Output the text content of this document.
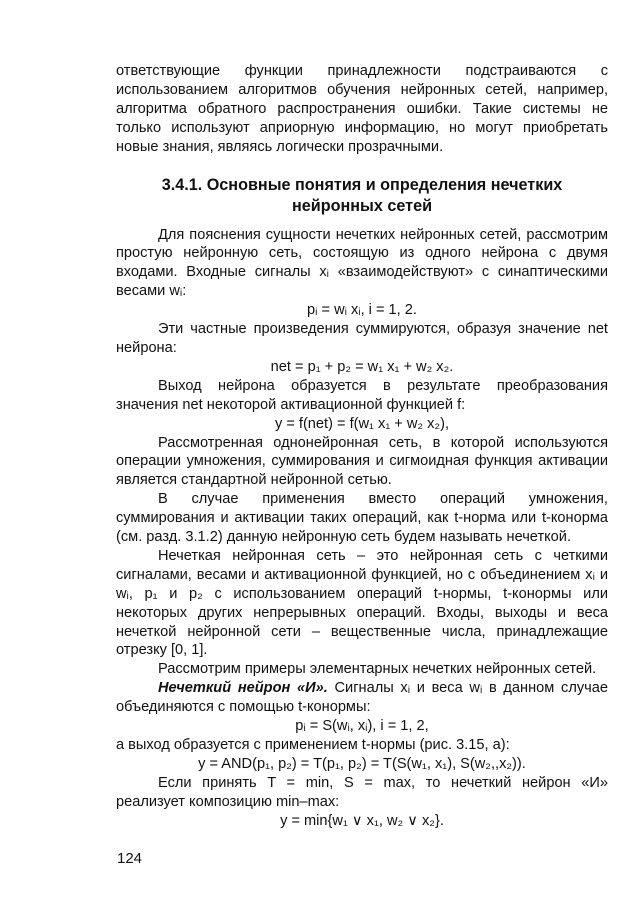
ответствующие функции принадлежности подстраиваются с использованием алгоритмов обучения нейронных сетей, например, алгоритма обратного распространения ошибки. Такие системы не только используют априорную информацию, но могут приобретать новые знания, являясь логически прозрачными.

3.4.1. Основные понятия и определения нечетких нейронных сетей

Для пояснения сущности нечетких нейронных сетей, рассмотрим простую нейронную сеть, состоящую из одного нейрона с двумя входами. Входные сигналы xᵢ «взаимодействуют» с синаптическими весами wᵢ:

pᵢ = wᵢ xᵢ, i = 1, 2.

Эти частные произведения суммируются, образуя значение net нейрона:

net = p₁ + p₂ = w₁ x₁ + w₂ x₂.

Выход нейрона образуется в результате преобразования значения net некоторой активационной функцией f:

y = f(net) = f(w₁ x₁ + w₂ x₂),

Рассмотренная однонейронная сеть, в которой используются операции умножения, суммирования и сигмоидная функция активации является стандартной нейронной сетью.

В случае применения вместо операций умножения, суммирования и активации таких операций, как t-норма или t-конорма (см. разд. 3.1.2) данную нейронную сеть будем называть нечеткой.

Нечеткая нейронная сеть – это нейронная сеть с четкими сигналами, весами и активационной функцией, но с объединением xᵢ и wᵢ, p₁ и p₂ с использованием операций t-нормы, t-конормы или некоторых других непрерывных операций. Входы, выходы и веса нечеткой нейронной сети – вещественные числа, принадлежащие отрезку [0, 1].

Рассмотрим примеры элементарных нечетких нейронных сетей.

Нечеткий нейрон «И». Сигналы xᵢ и веса wᵢ в данном случае объединяются с помощью t-конормы:

pᵢ = S(wᵢ, xᵢ), i = 1, 2,

а выход образуется с применением t-нормы (рис. 3.15, а):

y = AND(p₁, p₂) = T(p₁, p₂) = T(S(w₁, x₁), S(w₂,,x₂)).

Если принять T = min, S = max, то нечеткий нейрон «И» реализует композицию min–max:

y = min{w₁ ∨ x₁, w₂ ∨ x₂}.

124
